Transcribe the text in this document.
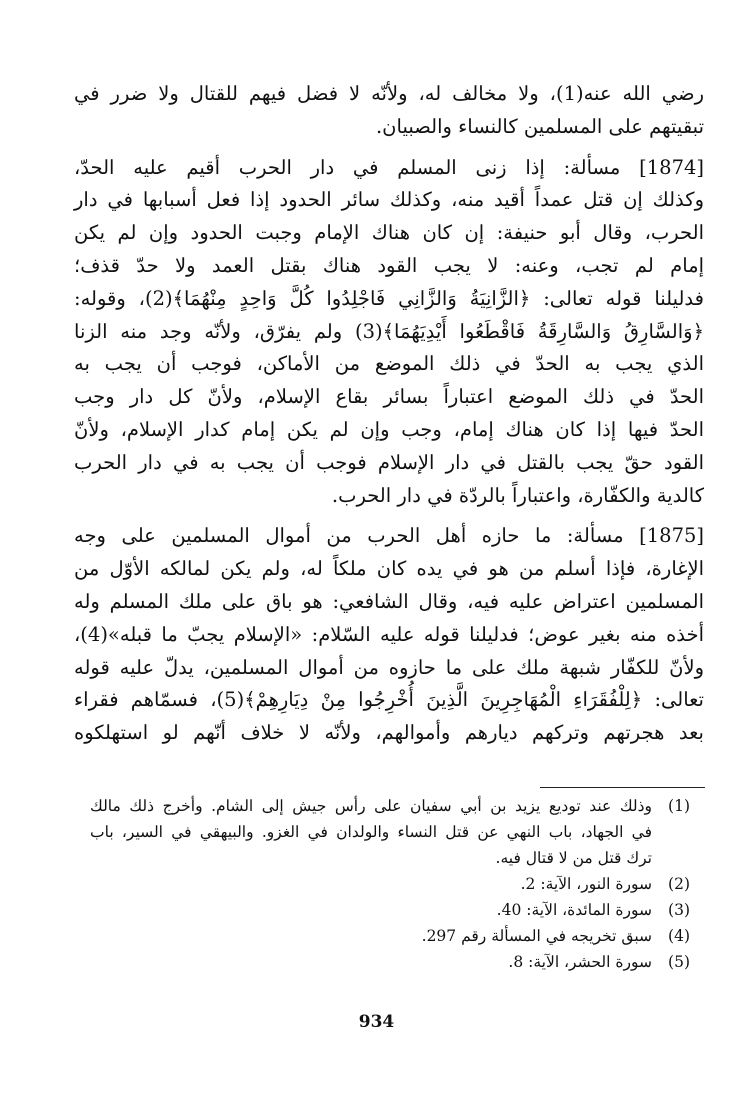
رضي الله عنه(1)، ولا مخالف له، ولأنّه لا فضل فيهم للقتال ولا ضرر في
تبقيتهم على المسلمين كالنساء والصبيان.
[1874] مسألة: إذا زنى المسلم في دار الحرب أقيم عليه الحدّ،
وكذلك إن قتل عمداً أقيد منه، وكذلك سائر الحدود إذا فعل أسبابها في دار
الحرب، وقال أبو حنيفة: إن كان هناك الإمام وجبت الحدود وإن لم يكن
إمام لم تجب، وعنه: لا يجب القود هناك بقتل العمد ولا حدّ قذف؛
فدليلنا قوله تعالى: ﴿الزَّانِيَةُ وَالزَّانِي فَاجْلِدُوا كُلَّ وَاحِدٍ مِنْهُمَا﴾(2)، وقوله:
﴿وَالسَّارِقُ وَالسَّارِقَةُ فَاقْطَعُوا أَيْدِيَهُمَا﴾(3) ولم يفرّق، ولأنّه وجد منه الزنا
الذي يجب به الحدّ في ذلك الموضع من الأماكن، فوجب أن يجب به
الحدّ في ذلك الموضع اعتباراً بسائر بقاع الإسلام، ولأنّ كل دار وجب
الحدّ فيها إذا كان هناك إمام، وجب وإن لم يكن إمام كدار الإسلام، ولأنّ
القود حقّ يجب بالقتل في دار الإسلام فوجب أن يجب به في دار الحرب
كالدية والكفّارة، واعتباراً بالردّة في دار الحرب.
[1875] مسألة: ما حازه أهل الحرب من أموال المسلمين على وجه
الإغارة، فإذا أسلم من هو في يده كان ملكاً له، ولم يكن لمالكه الأوّل من
المسلمين اعتراض عليه فيه، وقال الشافعي: هو باق على ملك المسلم وله
أخذه منه بغير عوض؛ فدليلنا قوله عليه السّلام: «الإسلام يجبّ ما قبله»(4)،
ولأنّ للكفّار شبهة ملك على ما حازوه من أموال المسلمين، يدلّ عليه قوله
تعالى: ﴿لِلْفُقَرَاءِ الْمُهَاجِرِينَ الَّذِينَ أُخْرِجُوا مِنْ دِيَارِهِمْ﴾(5)، فسمّاهم فقراء
بعد هجرتهم وتركهم ديارهم وأموالهم، ولأنّه لا خلاف أنّهم لو استهلكوه
(1)
وذلك عند توديع يزيد بن أبي سفيان على رأس جيش إلى الشام. وأخرج ذلك مالك
في الجهاد، باب النهي عن قتل النساء والولدان في الغزو. والبيهقي في السير، باب
ترك قتل من لا قتال فيه.
(2)
سورة النور، الآية: 2.
(3)
سورة المائدة، الآية: 40.
(4)
سبق تخريجه في المسألة رقم 297.
(5)
سورة الحشر، الآية: 8.
934
